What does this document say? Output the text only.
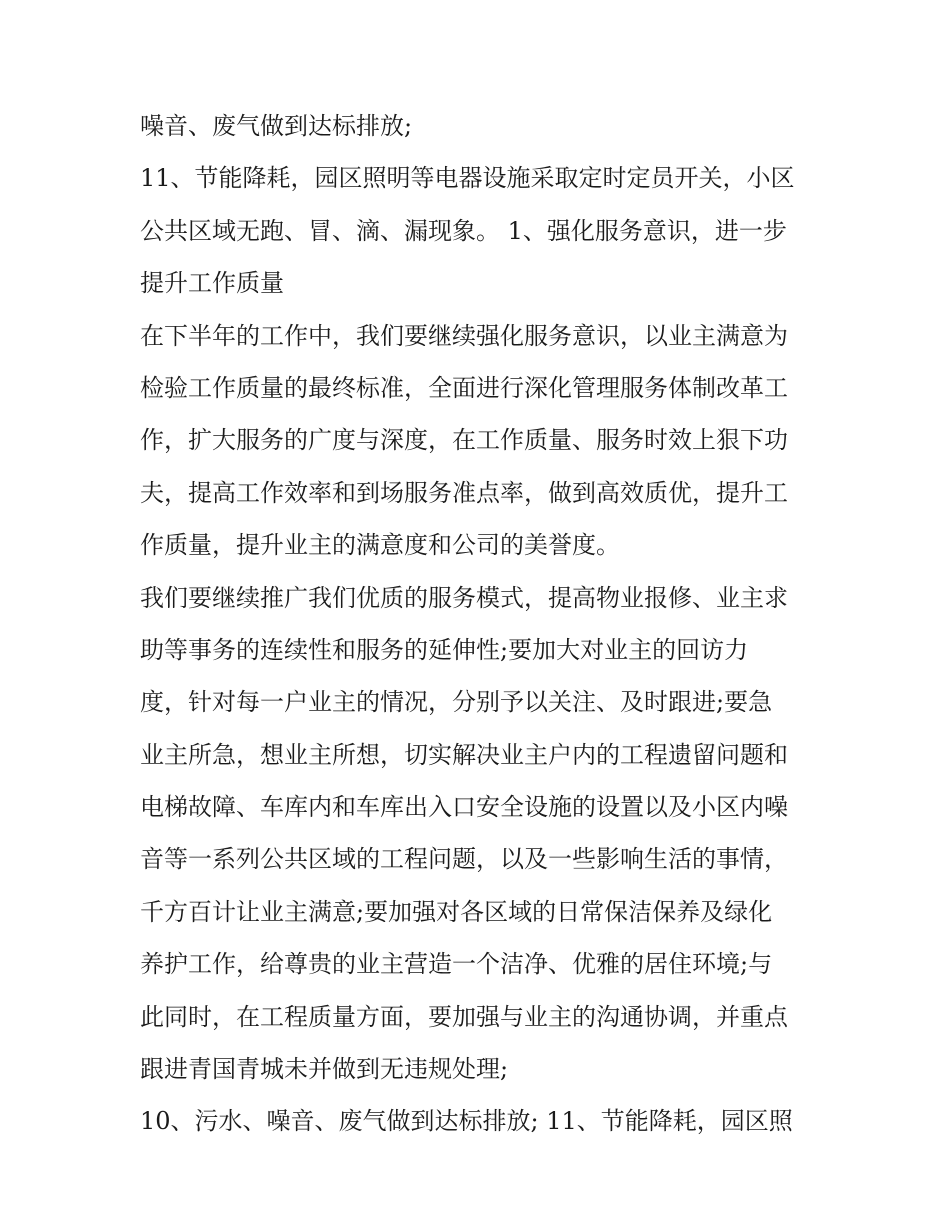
噪音、废气做到达标排放;
11、节能降耗，园区照明等电器设施采取定时定员开关，小区
公共区域无跑、冒、滴、漏现象。 1、强化服务意识，进一步
提升工作质量
在下半年的工作中，我们要继续强化服务意识，以业主满意为
检验工作质量的最终标准，全面进行深化管理服务体制改革工
作，扩大服务的广度与深度，在工作质量、服务时效上狠下功
夫，提高工作效率和到场服务准点率，做到高效质优，提升工
作质量，提升业主的满意度和公司的美誉度。
我们要继续推广我们优质的服务模式，提高物业报修、业主求
助等事务的连续性和服务的延伸性;要加大对业主的回访力
度，针对每一户业主的情况，分别予以关注、及时跟进;要急
业主所急，想业主所想，切实解决业主户内的工程遗留问题和
电梯故障、车库内和车库出入口安全设施的设置以及小区内噪
音等一系列公共区域的工程问题，以及一些影响生活的事情，
千方百计让业主满意;要加强对各区域的日常保洁保养及绿化
养护工作，给尊贵的业主营造一个洁净、优雅的居住环境;与
此同时，在工程质量方面，要加强与业主的沟通协调，并重点
跟进青国青城未并做到无违规处理;
10、污水、噪音、废气做到达标排放; 11、节能降耗，园区照
